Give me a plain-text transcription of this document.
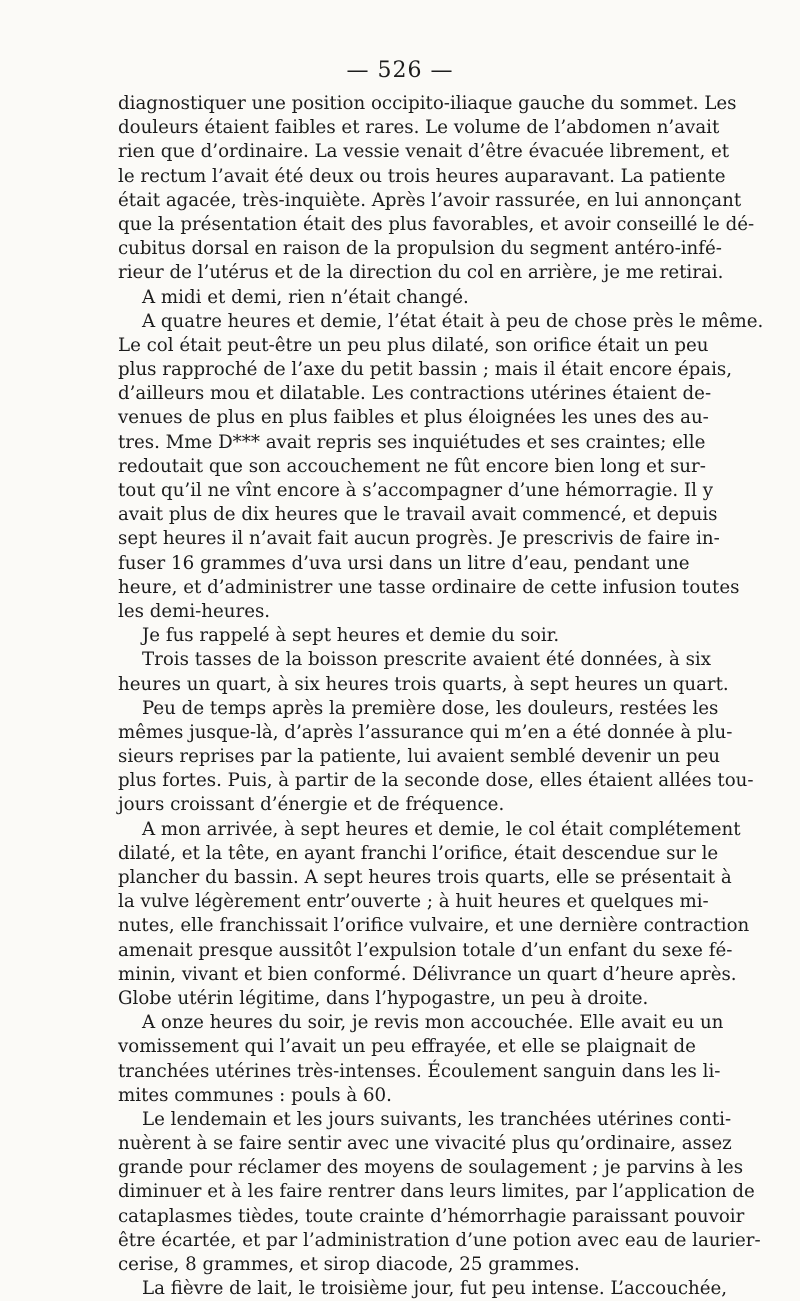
— 526 —
diagnostiquer une position occipito-iliaque gauche du sommet. Les
douleurs étaient faibles et rares. Le volume de l’abdomen n’avait
rien que d’ordinaire. La vessie venait d’être évacuée librement, et
le rectum l’avait été deux ou trois heures auparavant. La patiente
était agacée, très-inquiète. Après l’avoir rassurée, en lui annonçant
que la présentation était des plus favorables, et avoir conseillé le dé-
cubitus dorsal en raison de la propulsion du segment antéro-infé-
rieur de l’utérus et de la direction du col en arrière, je me retirai.
A midi et demi, rien n’était changé.
A quatre heures et demie, l’état était à peu de chose près le même.
Le col était peut-être un peu plus dilaté, son orifice était un peu
plus rapproché de l’axe du petit bassin ; mais il était encore épais,
d’ailleurs mou et dilatable. Les contractions utérines étaient de-
venues de plus en plus faibles et plus éloignées les unes des au-
tres. Mme D*** avait repris ses inquiétudes et ses craintes; elle
redoutait que son accouchement ne fût encore bien long et sur-
tout qu’il ne vînt encore à s’accompagner d’une hémorragie. Il y
avait plus de dix heures que le travail avait commencé, et depuis
sept heures il n’avait fait aucun progrès. Je prescrivis de faire in-
fuser 16 grammes d’uva ursi dans un litre d’eau, pendant une
heure, et d’administrer une tasse ordinaire de cette infusion toutes
les demi-heures.
Je fus rappelé à sept heures et demie du soir.
Trois tasses de la boisson prescrite avaient été données, à six
heures un quart, à six heures trois quarts, à sept heures un quart.
Peu de temps après la première dose, les douleurs, restées les
mêmes jusque-là, d’après l’assurance qui m’en a été donnée à plu-
sieurs reprises par la patiente, lui avaient semblé devenir un peu
plus fortes. Puis, à partir de la seconde dose, elles étaient allées tou-
jours croissant d’énergie et de fréquence.
A mon arrivée, à sept heures et demie, le col était complétement
dilaté, et la tête, en ayant franchi l’orifice, était descendue sur le
plancher du bassin. A sept heures trois quarts, elle se présentait à
la vulve légèrement entr’ouverte ; à huit heures et quelques mi-
nutes, elle franchissait l’orifice vulvaire, et une dernière contraction
amenait presque aussitôt l’expulsion totale d’un enfant du sexe fé-
minin, vivant et bien conformé. Délivrance un quart d’heure après.
Globe utérin légitime, dans l’hypogastre, un peu à droite.
A onze heures du soir, je revis mon accouchée. Elle avait eu un
vomissement qui l’avait un peu effrayée, et elle se plaignait de
tranchées utérines très-intenses. Écoulement sanguin dans les li-
mites communes : pouls à 60.
Le lendemain et les jours suivants, les tranchées utérines conti-
nuèrent à se faire sentir avec une vivacité plus qu’ordinaire, assez
grande pour réclamer des moyens de soulagement ; je parvins à les
diminuer et à les faire rentrer dans leurs limites, par l’application de
cataplasmes tièdes, toute crainte d’hémorrhagie paraissant pouvoir
être écartée, et par l’administration d’une potion avec eau de laurier-
cerise, 8 grammes, et sirop diacode, 25 grammes.
La fièvre de lait, le troisième jour, fut peu intense. L’accouchée,
